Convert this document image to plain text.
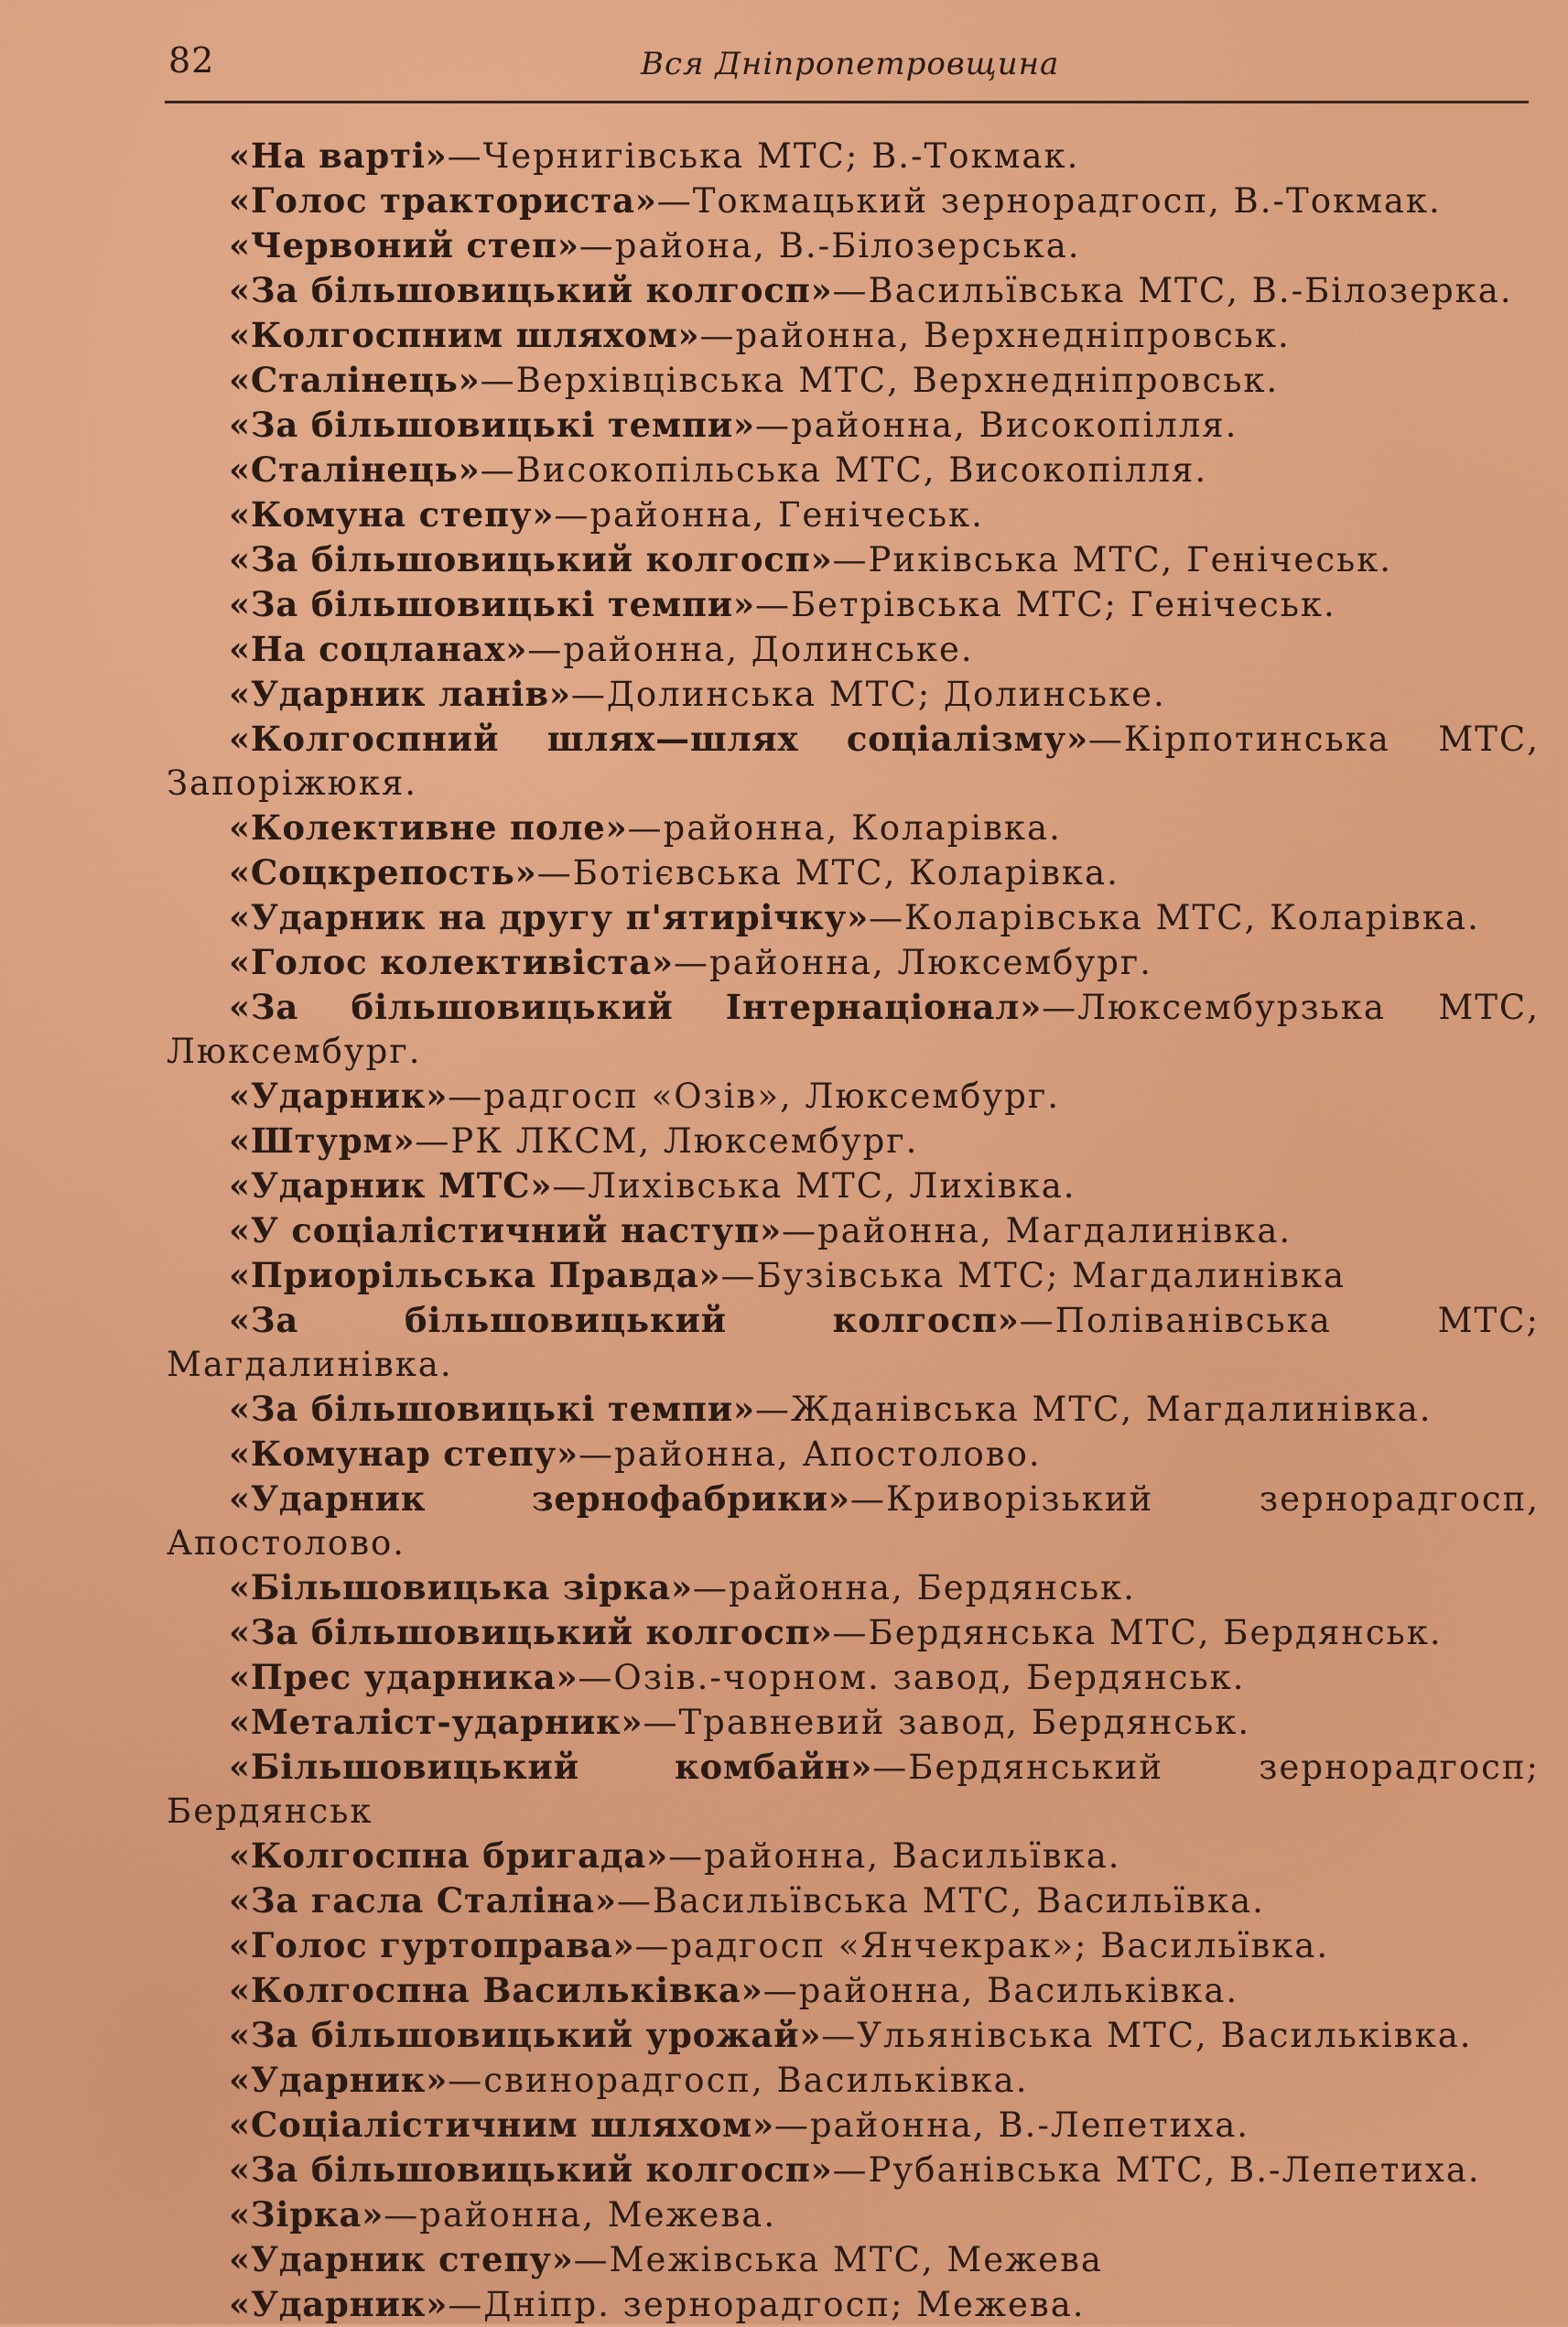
82	Вся Дніпропетровщина
«На варті»—Чернигівська МТС; В.-Токмак.
«Голос тракториста»—Токмацький зернорадгосп, В.-Токмак.
«Червоний степ»—района, В.-Білозерська.
«За більшовицький колгосп»—Васильївська МТС, В.-Білозерка.
«Колгоспним шляхом»—районна, Верхнедніпровськ.
«Сталінець»—Верхівцівська МТС, Верхнедніпровськ.
«За більшовицькі темпи»—районна, Високопілля.
«Сталінець»—Високопільська МТС, Високопілля.
«Комуна степу»—районна, Генічеськ.
«За більшовицький колгосп»—Риківська МТС, Генічеськ.
«За більшовицькі темпи»—Бетрівська МТС; Генічеськ.
«На соцланах»—районна, Долинське.
«Ударник ланів»—Долинська МТС; Долинське.
«Колгоспний шлях—шлях соціалізму»—Кірпотинська МТС, Запоріжюкя.
«Колективне поле»—районна, Коларівка.
«Соцкрепость»—Ботієвська МТС, Коларівка.
«Ударник на другу п'ятирічку»—Коларівська МТС, Коларівка.
«Голос колективіста»—районна, Люксембург.
«За більшовицький Інтернаціонал»—Люксембурзька МТС, Люксембург.
«Ударник»—радгосп «Озів», Люксембург.
«Штурм»—РК ЛКСМ, Люксембург.
«Ударник МТС»—Лихівська МТС, Лихівка.
«У соціалістичний наступ»—районна, Магдалинівка.
«Приорільська Правда»—Бузівська МТС; Магдалинівка
«За більшовицький колгосп»—Поліванівська МТС; Магдалинівка.
«За більшовицькі темпи»—Жданівська МТС, Магдалинівка.
«Комунар степу»—районна, Апостолово.
«Ударник зернофабрики»—Криворізький зернорадгосп, Апостолово.
«Більшовицька зірка»—районна, Бердянськ.
«За більшовицький колгосп»—Бердянська МТС, Бердянськ.
«Прес ударника»—Озів.-чорном. завод, Бердянськ.
«Металіст-ударник»—Травневий завод, Бердянськ.
«Більшовицький комбайн»—Бердянський зернорадгосп; Бердянськ
«Колгоспна бригада»—районна, Васильївка.
«За гасла Сталіна»—Васильївська МТС, Васильївка.
«Голос гуртоправа»—радгосп «Янчекрак»; Васильївка.
«Колгоспна Васильківка»—районна, Васильківка.
«За більшовицький урожай»—Ульянівська МТС, Васильківка.
«Ударник»—свинорадгосп, Васильківка.
«Соціалістичним шляхом»—районна, В.-Лепетиха.
«За більшовицький колгосп»—Рубанівська МТС, В.-Лепетиха.
«Зірка»—районна, Межева.
«Ударник степу»—Межівська МТС, Межева
«Ударник»—Дніпр. зернорадгосп; Межева.
